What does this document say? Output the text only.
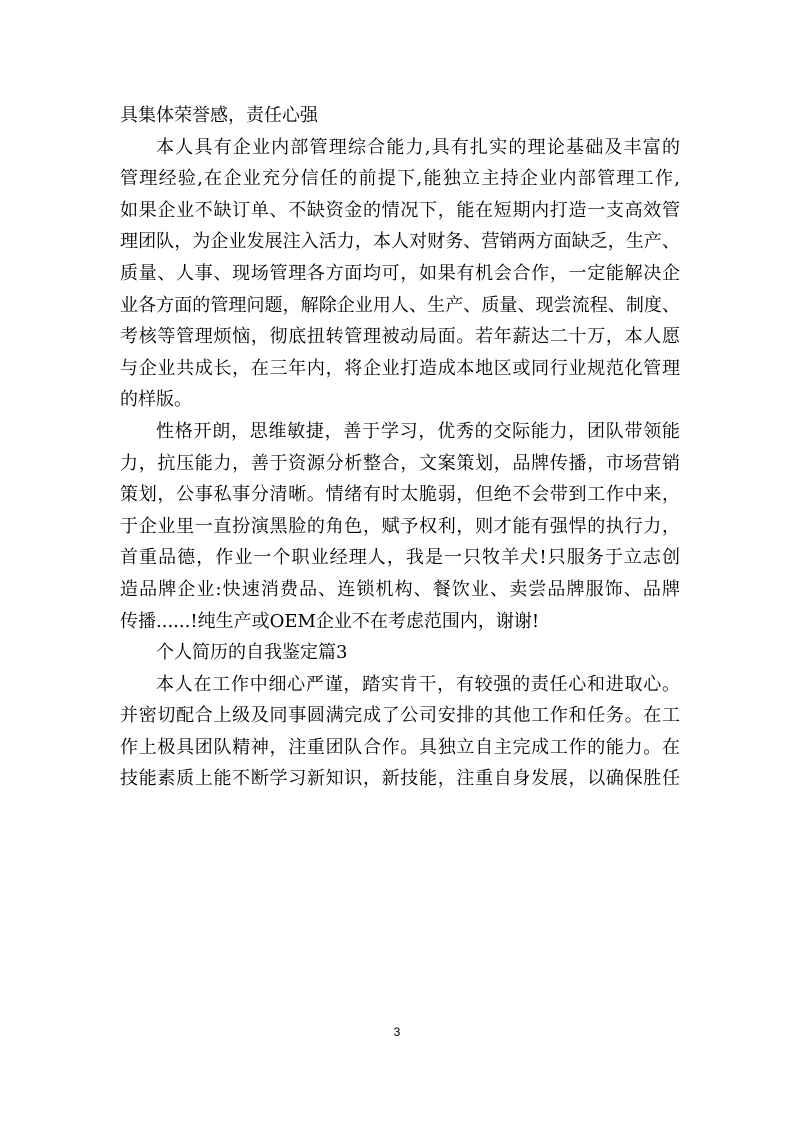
具集体荣誉感，责任心强
本人具有企业内部管理综合能力,具有扎实的理论基础及丰富的
管理经验,在企业充分信任的前提下,能独立主持企业内部管理工作,
如果企业不缺订单、不缺资金的情况下，能在短期内打造一支高效管
理团队，为企业发展注入活力，本人对财务、营销两方面缺乏，生产、
质量、人事、现场管理各方面均可，如果有机会合作，一定能解决企
业各方面的管理问题，解除企业用人、生产、质量、现尝流程、制度、
考核等管理烦恼，彻底扭转管理被动局面。若年薪达二十万，本人愿
与企业共成长，在三年内，将企业打造成本地区或同行业规范化管理
的样版。
性格开朗，思维敏捷，善于学习，优秀的交际能力，团队带领能
力，抗压能力，善于资源分析整合，文案策划，品牌传播，市场营销
策划，公事私事分清晰。情绪有时太脆弱，但绝不会带到工作中来，
于企业里一直扮演黑脸的角色，赋予权利，则才能有强悍的执行力，
首重品德，作业一个职业经理人，我是一只牧羊犬!只服务于立志创
造品牌企业:快速消费品、连锁机构、餐饮业、卖尝品牌服饰、品牌
传播......!纯生产或OEM企业不在考虑范围内，谢谢!
个人简历的自我鉴定篇3
本人在工作中细心严谨，踏实肯干，有较强的责任心和进取心。
并密切配合上级及同事圆满完成了公司安排的其他工作和任务。在工
作上极具团队精神，注重团队合作。具独立自主完成工作的能力。在
技能素质上能不断学习新知识，新技能，注重自身发展，以确保胜任
3
